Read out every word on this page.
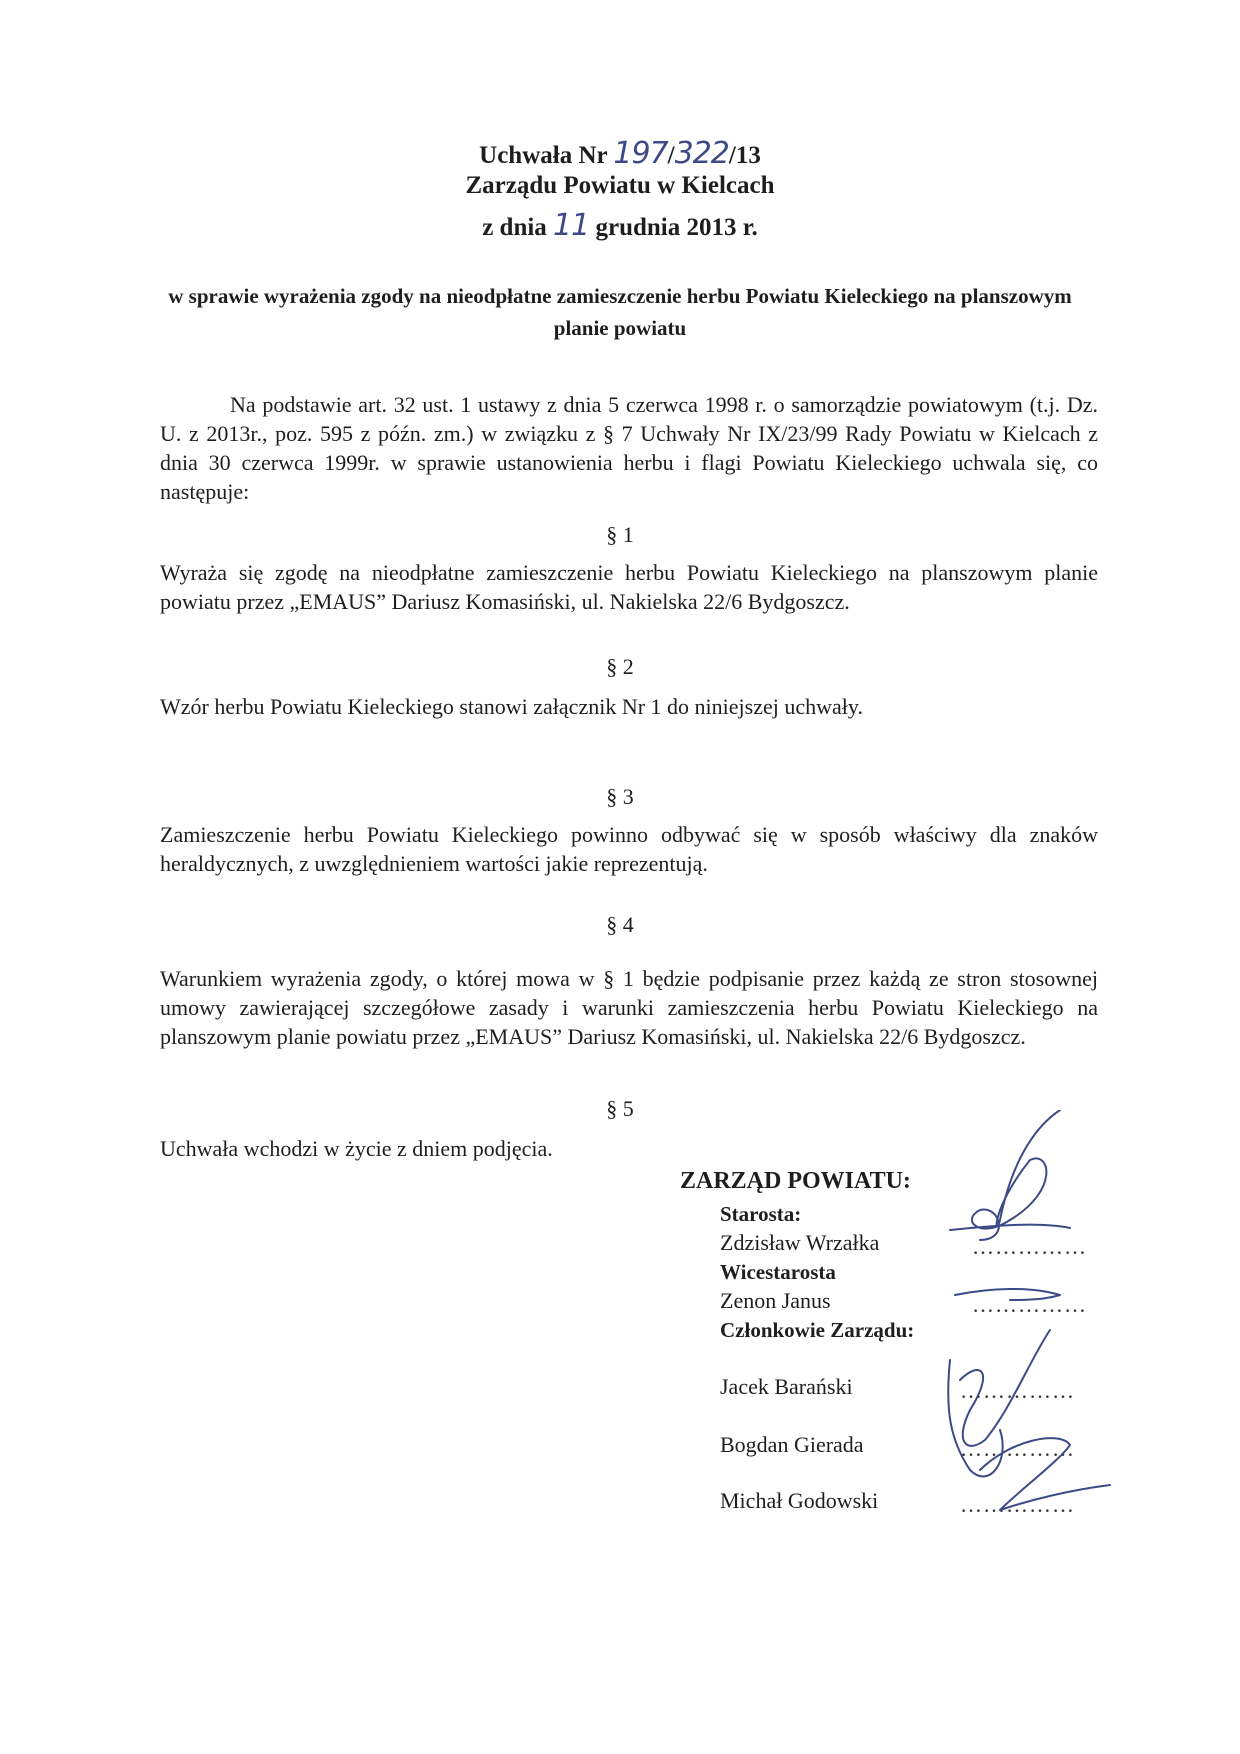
Uchwała Nr 197/322/13
Zarządu Powiatu w Kielcach
z dnia 11 grudnia 2013 r.
w sprawie wyrażenia zgody na nieodpłatne zamieszczenie herbu Powiatu Kieleckiego na planszowym planie powiatu
Na podstawie art. 32 ust. 1 ustawy z dnia 5 czerwca 1998 r. o samorządzie powiatowym (t.j. Dz. U. z 2013r., poz. 595 z późn. zm.) w związku z § 7 Uchwały Nr IX/23/99 Rady Powiatu w Kielcach z dnia 30 czerwca 1999r. w sprawie ustanowienia herbu i flagi Powiatu Kieleckiego uchwala się, co następuje:
§ 1
Wyraża się zgodę na nieodpłatne zamieszczenie herbu Powiatu Kieleckiego na planszowym planie powiatu przez „EMAUS” Dariusz Komasiński, ul. Nakielska 22/6 Bydgoszcz.
§ 2
Wzór herbu Powiatu Kieleckiego stanowi załącznik Nr 1 do niniejszej uchwały.
§ 3
Zamieszczenie herbu Powiatu Kieleckiego powinno odbywać się w sposób właściwy dla znaków heraldycznych, z uwzględnieniem wartości jakie reprezentują.
§ 4
Warunkiem wyrażenia zgody, o której mowa w § 1 będzie podpisanie przez każdą ze stron stosownej umowy zawierającej szczegółowe zasady i warunki zamieszczenia herbu Powiatu Kieleckiego na planszowym planie powiatu przez „EMAUS” Dariusz Komasiński, ul. Nakielska 22/6 Bydgoszcz.
§ 5
Uchwała wchodzi w życie z dniem podjęcia.
ZARZĄD POWIATU:
Starosta:
Zdzisław Wrzałka	……………
Wicestarosta
Zenon Janus	……………
Członkowie Zarządu:
Jacek Barański	……………
Bogdan Gierada	……………
Michał Godowski	……………
